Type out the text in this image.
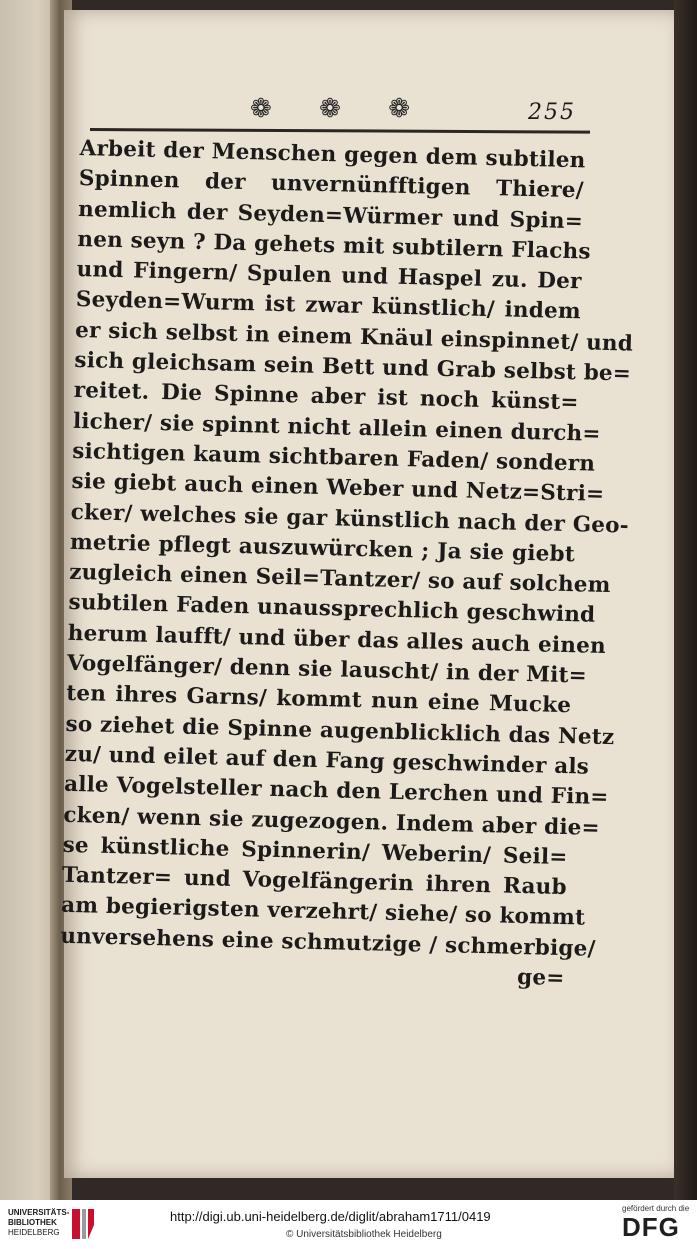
❁ ❁ ❁	255
Arbeit der Menschen gegen dem subtilen
Spinnen der unvernünfftigen Thiere/
nemlich der Seyden=Würmer und Spin=
nen seyn ? Da gehets mit subtilern Flachs
und Fingern/ Spulen und Haspel zu. Der
Seyden=Wurm ist zwar künstlich/ indem
er sich selbst in einem Knäul einspinnet/ und
sich gleichsam sein Bett und Grab selbst be=
reitet. Die Spinne aber ist noch künst=
licher/ sie spinnt nicht allein einen durch=
sichtigen kaum sichtbaren Faden/ sondern
sie giebt auch einen Weber und Netz=Stri=
cker/ welches sie gar künstlich nach der Geo-
metrie pflegt auszuwürcken ; Ja sie giebt
zugleich einen Seil=Tantzer/ so auf solchem
subtilen Faden unaussprechlich geschwind
herum laufft/ und über das alles auch einen
Vogelfänger/ denn sie lauscht/ in der Mit=
ten ihres Garns/ kommt nun eine Mucke
so ziehet die Spinne augenblicklich das Netz
zu/ und eilet auf den Fang geschwinder als
alle Vogelsteller nach den Lerchen und Fin=
cken/ wenn sie zugezogen. Indem aber die=
se künstliche Spinnerin/ Weberin/ Seil=
Tantzer= und Vogelfängerin ihren Raub
am begierigsten verzehrt/ siehe/ so kommt
unversehens eine schmutzige / schmerbige/
ge=
UNIVERSITÄTS-
BIBLIOTHEK
HEIDELBERG
http://digi.ub.uni-heidelberg.de/diglit/abraham1711/0419
© Universitätsbibliothek Heidelberg
gefördert durch die
DFG
